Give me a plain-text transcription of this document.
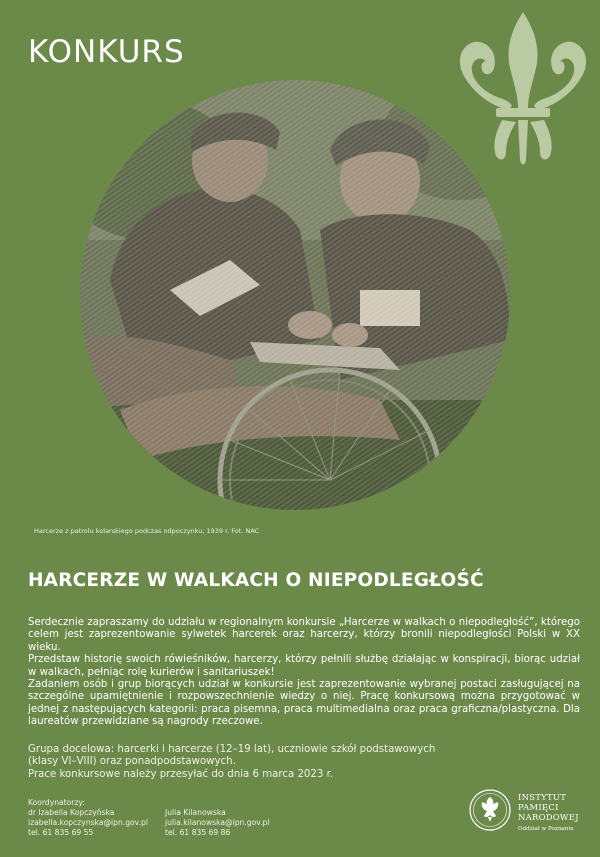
KONKURS
Harcerze z patrolu kolarskiego podczas odpoczynku, 1939 r. Fot. NAC
HARCERZE W WALKACH O NIEPODLEGŁOŚĆ

Serdecznie zapraszamy do udziału w regionalnym konkursie „Harcerze w walkach o niepodległość”, którego celem jest zaprezentowanie sylwetek harcerek oraz harcerzy, którzy bronili niepodległości Polski w XX wieku.

Przedstaw historię swoich rówieśników, harcerzy, którzy pełnili służbę działając w konspiracji, biorąc udział w walkach, pełniąc rolę kurierów i sanitariuszek!

Zadaniem osób i grup biorących udział w konkursie jest zaprezentowanie wybranej postaci zasługującej na szczególne upamiętnienie i rozpowszechnienie wiedzy o niej. Pracę konkursową można przygotować w jednej z następujących kategorii: praca pisemna, praca multimedialna oraz praca graficzna/plastyczna. Dla laureatów przewidziane są nagrody rzeczowe.

Grupa docelowa: harcerki i harcerze (12–19 lat), uczniowie szkół podstawowych

(klasy VI–VIII) oraz ponadpodstawowych.

Prace konkursowe należy przesyłać do dnia 6 marca 2023 r.

Koordynatorzy:
dr Izabella Kopczyńska
izabella.kopczynska@ipn.gov.pl
tel. 61 835 69 55
Julia Kilanowska
julia.kilanowska@ipn.gov.pl
tel. 61 835 69 86
INSTYTUT
PAMIĘCI
NARODOWEJ
Oddział w Poznaniu
